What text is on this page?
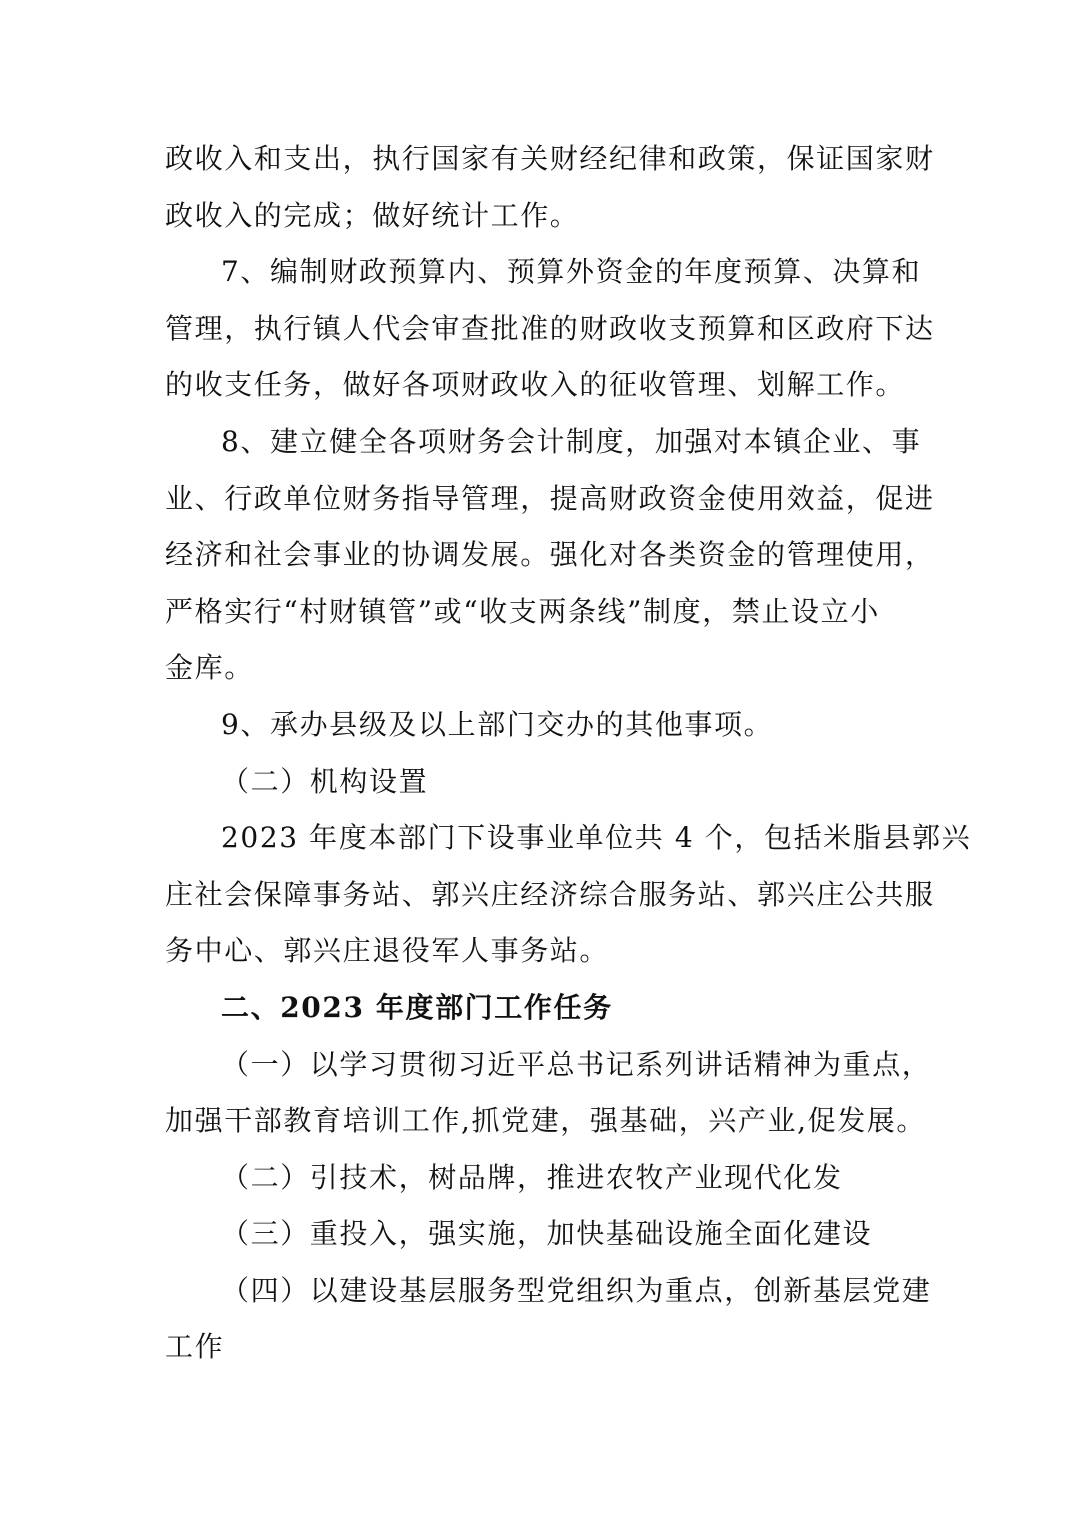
政收入和支出，执行国家有关财经纪律和政策，保证国家财
政收入的完成；做好统计工作。
7、编制财政预算内、预算外资金的年度预算、决算和
管理，执行镇人代会审查批准的财政收支预算和区政府下达
的收支任务，做好各项财政收入的征收管理、划解工作。
8、建立健全各项财务会计制度，加强对本镇企业、事
业、行政单位财务指导管理，提高财政资金使用效益，促进
经济和社会事业的协调发展。强化对各类资金的管理使用，
严格实行“村财镇管”或“收支两条线”制度，禁止设立小
金库。
9、承办县级及以上部门交办的其他事项。
（二）机构设置
2023 年度本部门下设事业单位共 4 个，包括米脂县郭兴
庄社会保障事务站、郭兴庄经济综合服务站、郭兴庄公共服
务中心、郭兴庄退役军人事务站。
二、2023 年度部门工作任务
（一）以学习贯彻习近平总书记系列讲话精神为重点，
加强干部教育培训工作,抓党建，强基础，兴产业,促发展。
（二）引技术，树品牌，推进农牧产业现代化发
（三）重投入，强实施，加快基础设施全面化建设
（四）以建设基层服务型党组织为重点，创新基层党建
工作
